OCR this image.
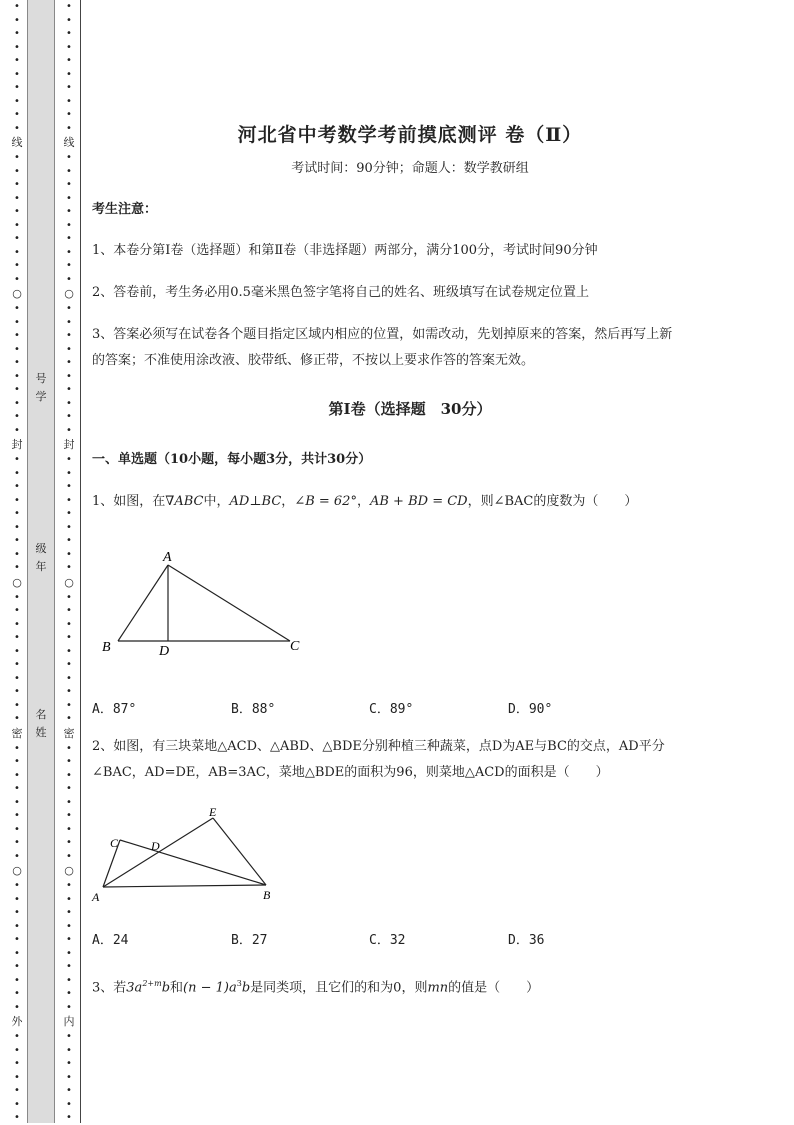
•
•
•
•
•
•
•
•
•
•
线
•
•
•
•
•
•
•
•
•
•
○
•
•
•
•
•
•
•
•
•
•
封
•
•
•
•
•
•
•
•
•
○
•
•
•
•
•
•
•
•
•
•
密
•
•
•
•
•
•
•
•
•
○
•
•
•
•
•
•
•
•
•
•
外
•
•
•
•
•
•
•
号学
级年
名姓
•
•
•
•
•
•
•
•
•
•
线
•
•
•
•
•
•
•
•
•
•
○
•
•
•
•
•
•
•
•
•
•
封
•
•
•
•
•
•
•
•
•
○
•
•
•
•
•
•
•
•
•
•
密
•
•
•
•
•
•
•
•
•
○
•
•
•
•
•
•
•
•
•
•
内
•
•
•
•
•
•
•
河北省中考数学考前摸底测评 卷（Ⅱ）
考试时间：90分钟；命题人：数学教研组
考生注意：
1、本卷分第Ⅰ卷（选择题）和第Ⅱ卷（非选择题）两部分，满分100分，考试时间90分钟
2、答卷前，考生务必用0.5毫米黑色签字笔将自己的姓名、班级填写在试卷规定位置上
3、答案必须写在试卷各个题目指定区域内相应的位置，如需改动，先划掉原来的答案，然后再写上新
的答案；不准使用涂改液、胶带纸、修正带，不按以上要求作答的答案无效。
第Ⅰ卷（选择题　30分）
一、单选题（10小题，每小题3分，共计30分）
1、如图，在∇ABC中，AD⊥BC，∠B = 62°，AB + BD = CD，则∠BAC的度数为（　　）
A
B	C
D
A．87°	B．88°	C．89°	D．90°
2、如图，有三块菜地△ACD、△ABD、△BDE分别种植三种蔬菜，点D为AE与BC的交点，AD平分
∠BAC，AD=DE，AB=3AC，菜地△BDE的面积为96，则菜地△ACD的面积是（　　）
E
C	D
A	B
A．24	B．27	C．32	D．36
3、若$3a^{2+m}b$和$(n - 1)a^3b$是同类项，且它们的和为0，则mn的值是（　　）
